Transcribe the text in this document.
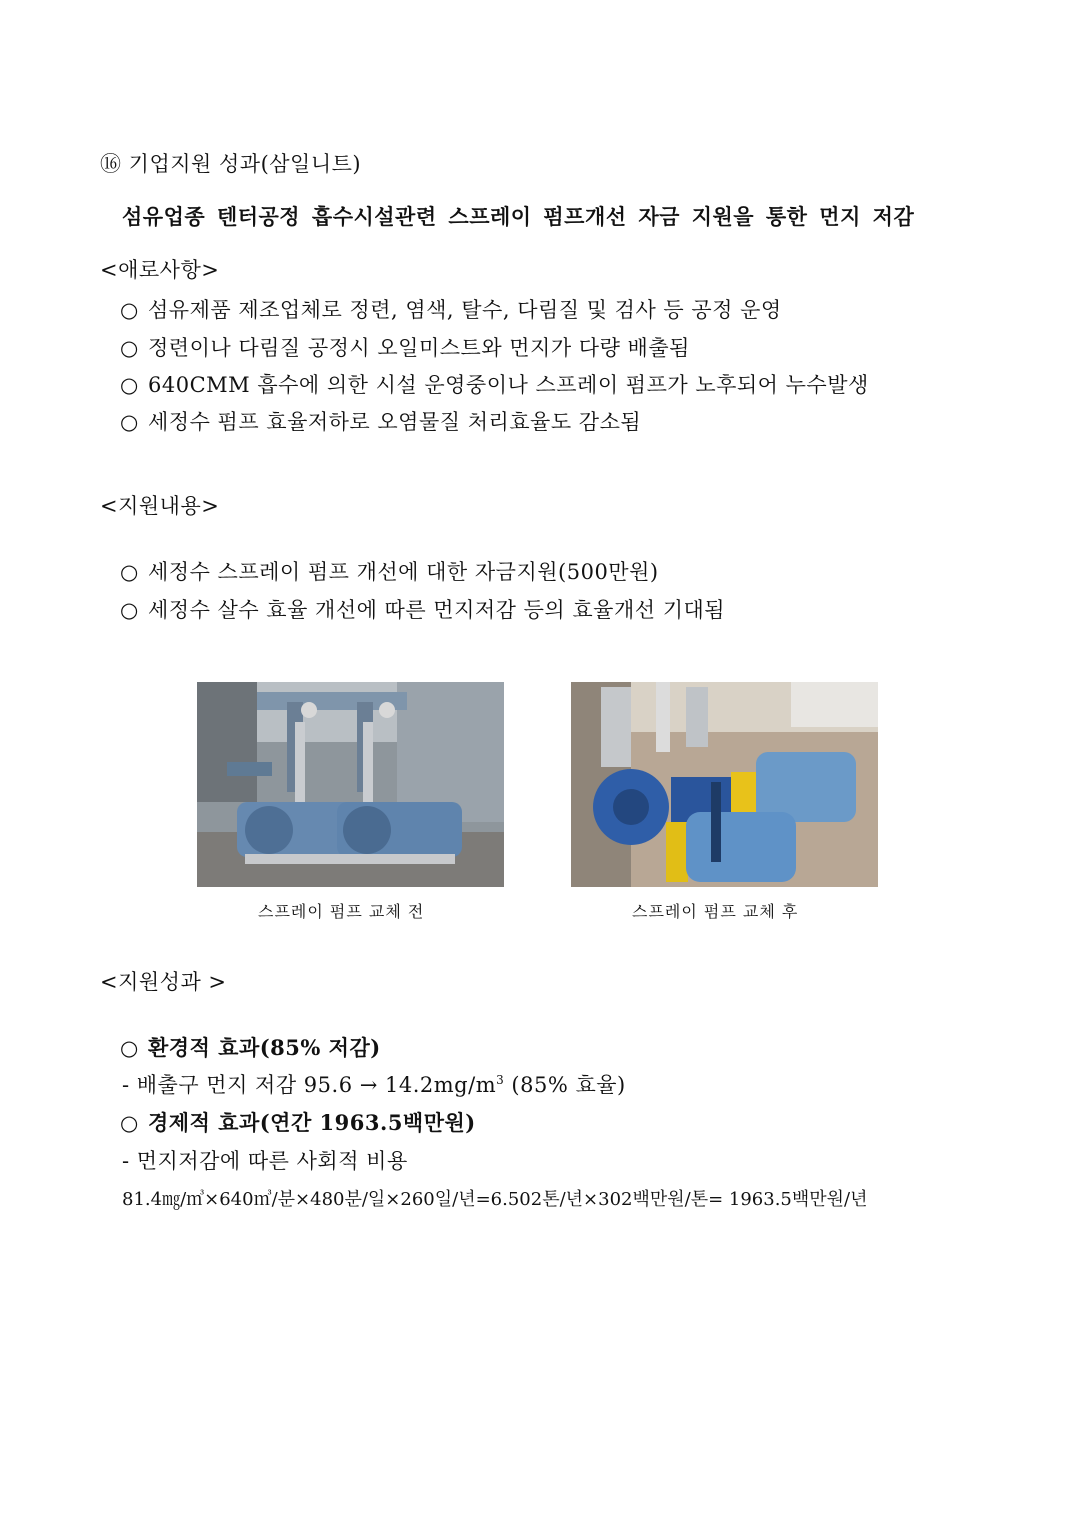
⑯ 기업지원 성과(삼일니트)
섬유업종 텐터공정 흡수시설관련 스프레이 펌프개선 자금 지원을 통한 먼지 저감
<애로사항>
○ 섬유제품 제조업체로 정련, 염색, 탈수, 다림질 및 검사 등 공정 운영
○ 정련이나 다림질 공정시 오일미스트와 먼지가 다량 배출됨
○ 640CMM 흡수에 의한 시설 운영중이나 스프레이 펌프가 노후되어 누수발생
○ 세정수 펌프 효율저하로 오염물질 처리효율도 감소됨
<지원내용>
○ 세정수 스프레이 펌프 개선에 대한 자금지원(500만원)
○ 세정수 살수 효율 개선에 따른 먼지저감 등의 효율개선 기대됨
스프레이 펌프 교체 전	스프레이 펌프 교체 후
<지원성과 >
○ 환경적 효과(85% 저감)
- 배출구 먼지 저감 $95.6 \to 14.2mg/m^3$ (85% 효율)
○ 경제적 효과(연간 1963.5백만원)
- 먼지저감에 따른 사회적 비용
81.4㎎/㎥×640㎥/분×480분/일×260일/년=6.502톤/년×302백만원/톤= 1963.5백만원/년
